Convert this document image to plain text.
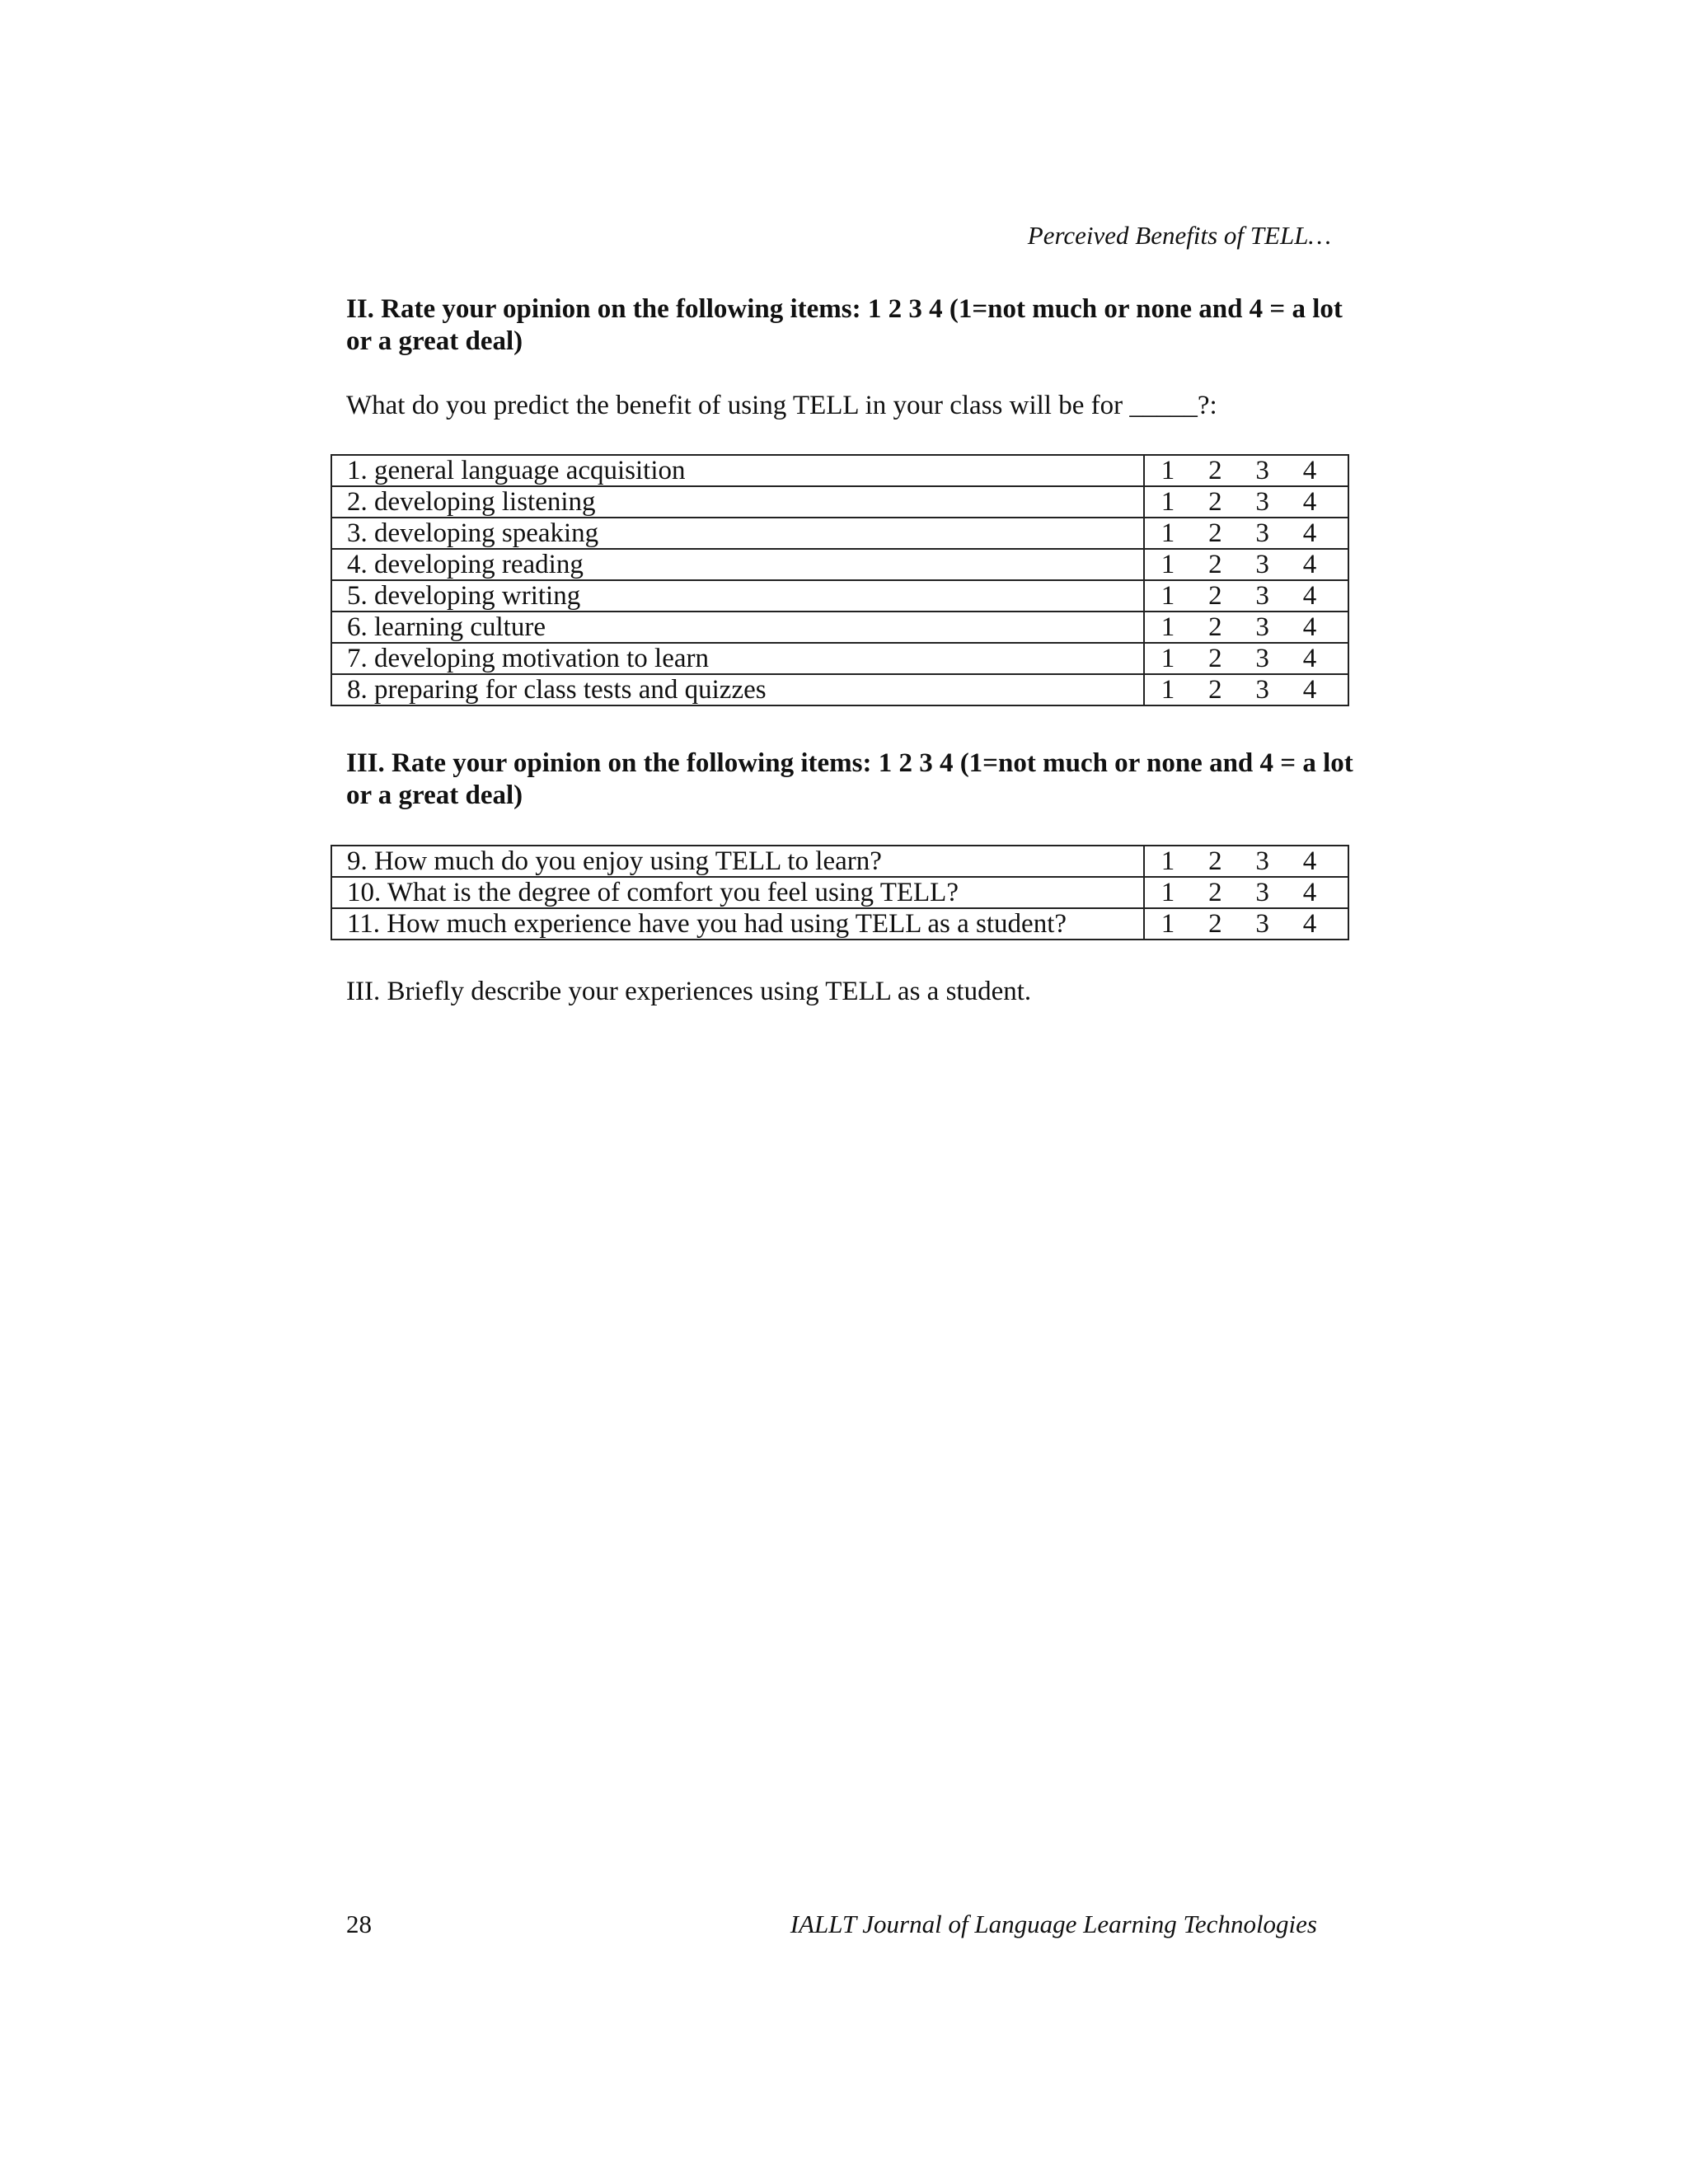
Perceived Benefits of TELL…
II. Rate your opinion on the following items: 1 2 3 4 (1=not much or none and 4 = a lot or a great deal)
What do you predict the benefit of using TELL in your class will be for _____?:
1. general language acquisition	1 2 3 4

2. developing listening	1 2 3 4

3. developing speaking	1 2 3 4

4. developing reading	1 2 3 4

5. developing writing	1 2 3 4

6. learning culture	1 2 3 4

7. developing motivation to learn	1 2 3 4

8. preparing for class tests and quizzes	1 2 3 4
III. Rate your opinion on the following items: 1 2 3 4 (1=not much or none and 4 = a lot or a great deal)
9. How much do you enjoy using TELL to learn?	1 2 3 4

10. What is the degree of comfort you feel using TELL?	1 2 3 4

11. How much experience have you had using TELL as a student?	1 2 3 4
III. Briefly describe your experiences using TELL as a student.
28	IALLT Journal of Language Learning Technologies
